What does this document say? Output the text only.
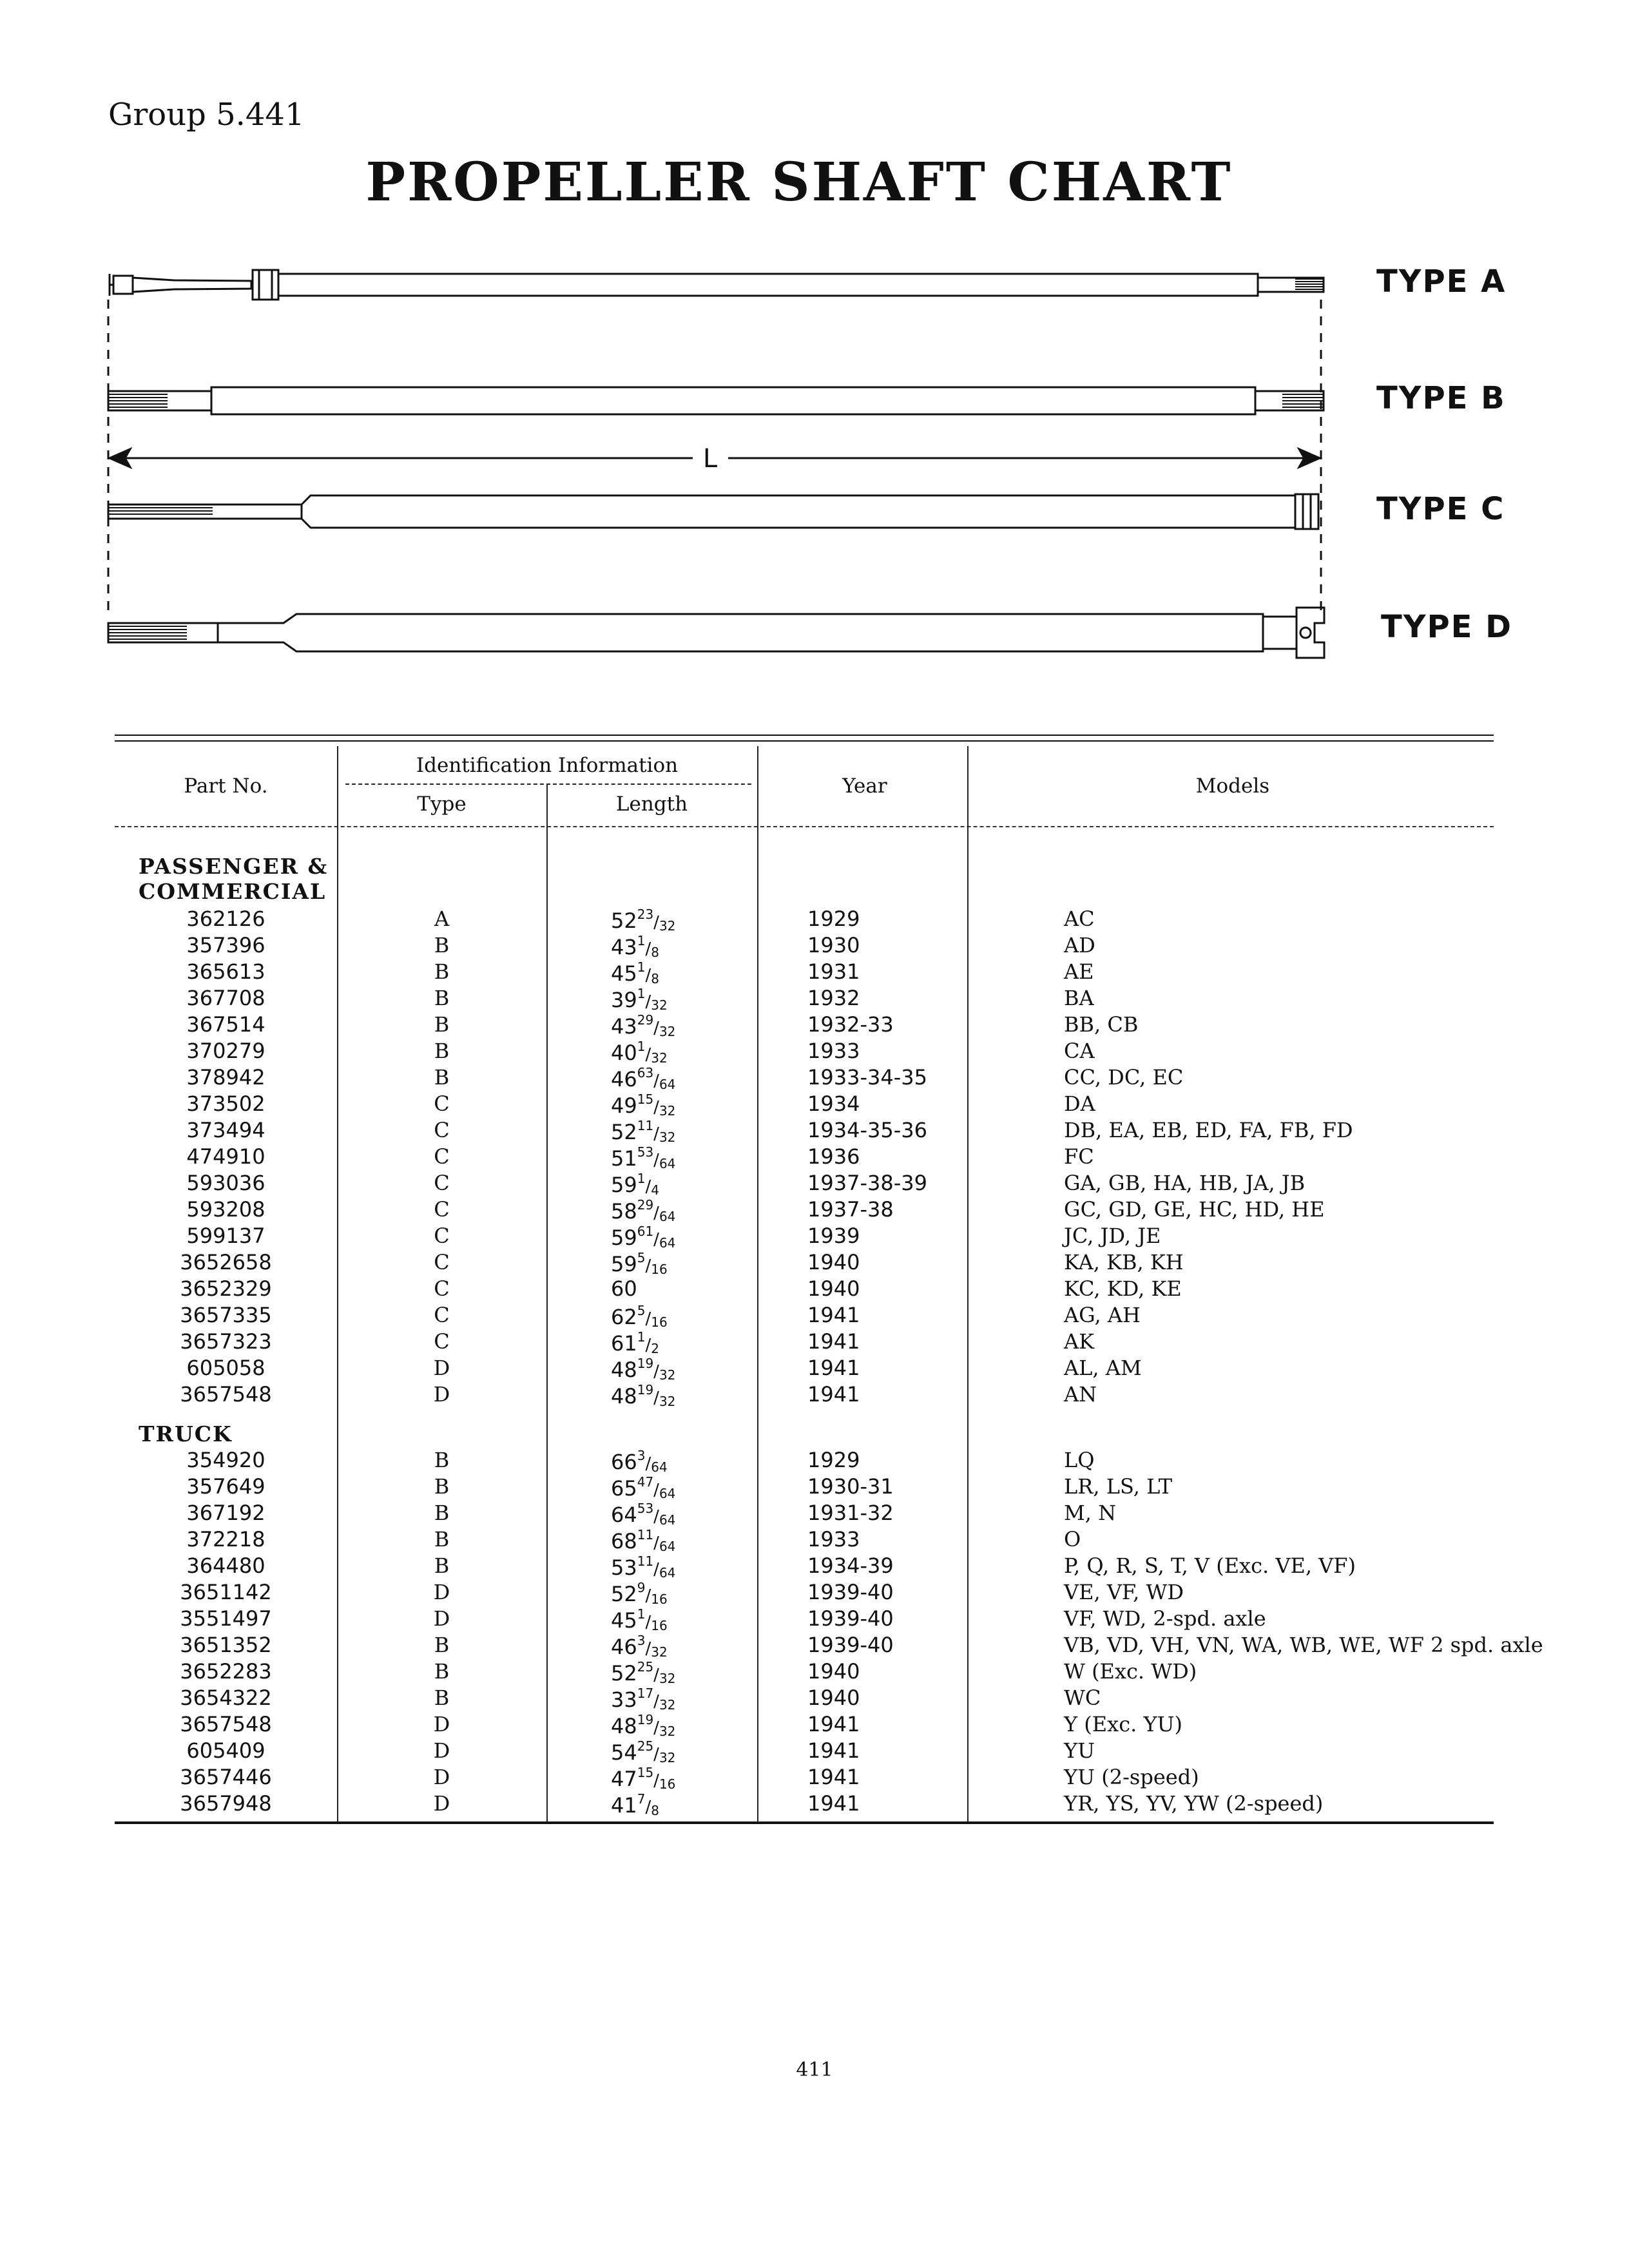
Group 5.441
PROPELLER SHAFT CHART
L
TYPE A
TYPE B
TYPE C
TYPE D
Part No.
Identification Information
Type	Length
Year	Models
PASSENGER &
COMMERCIAL
362126	A	$52^{23}/_{32}$	1929	AC
357396	B	$43^1/_8$	1930	AD
365613	B	$45^1/_8$	1931	AE
367708	B	$39^1/_{32}$	1932	BA
367514	B	$43^{29}/_{32}$	1932-33	BB, CB
370279	B	$40^1/_{32}$	1933	CA
378942	B	$46^{63}/_{64}$	1933-34-35	CC, DC, EC
373502	C	$49^{15}/_{32}$	1934	DA
373494	C	$52^{11}/_{32}$	1934-35-36	DB, EA, EB, ED, FA, FB, FD
474910	C	$51^{53}/_{64}$	1936	FC
593036	C	$59^1/_4$	1937-38-39	GA, GB, HA, HB, JA, JB
593208	C	$58^{29}/_{64}$	1937-38	GC, GD, GE, HC, HD, HE
599137	C	$59^{61}/_{64}$	1939	JC, JD, JE
3652658	C	$59^5/_{16}$	1940	KA, KB, KH
3652329	C	60	1940	KC, KD, KE
3657335	C	$62^5/_{16}$	1941	AG, AH
3657323	C	$61^1/_2$	1941	AK
605058	D	$48^{19}/_{32}$	1941	AL, AM
3657548	D	$48^{19}/_{32}$	1941	AN
TRUCK
354920	B	$66^3/_{64}$	1929	LQ
357649	B	$65^{47}/_{64}$	1930-31	LR, LS, LT
367192	B	$64^{53}/_{64}$	1931-32	M, N
372218	B	$68^{11}/_{64}$	1933	O
364480	B	$53^{11}/_{64}$	1934-39	P, Q, R, S, T, V (Exc. VE, VF)
3651142	D	$52^9/_{16}$	1939-40	VE, VF, WD
3551497	D	$45^1/_{16}$	1939-40	VF, WD, 2-spd. axle
3651352	B	$46^3/_{32}$	1939-40	VB, VD, VH, VN, WA, WB, WE, WF 2 spd. axle
3652283	B	$52^{25}/_{32}$	1940	W (Exc. WD)
3654322	B	$33^{17}/_{32}$	1940	WC
3657548	D	$48^{19}/_{32}$	1941	Y (Exc. YU)
605409	D	$54^{25}/_{32}$	1941	YU
3657446	D	$47^{15}/_{16}$	1941	YU (2-speed)
3657948	D	$41^7/_8$	1941	YR, YS, YV, YW (2-speed)
411
